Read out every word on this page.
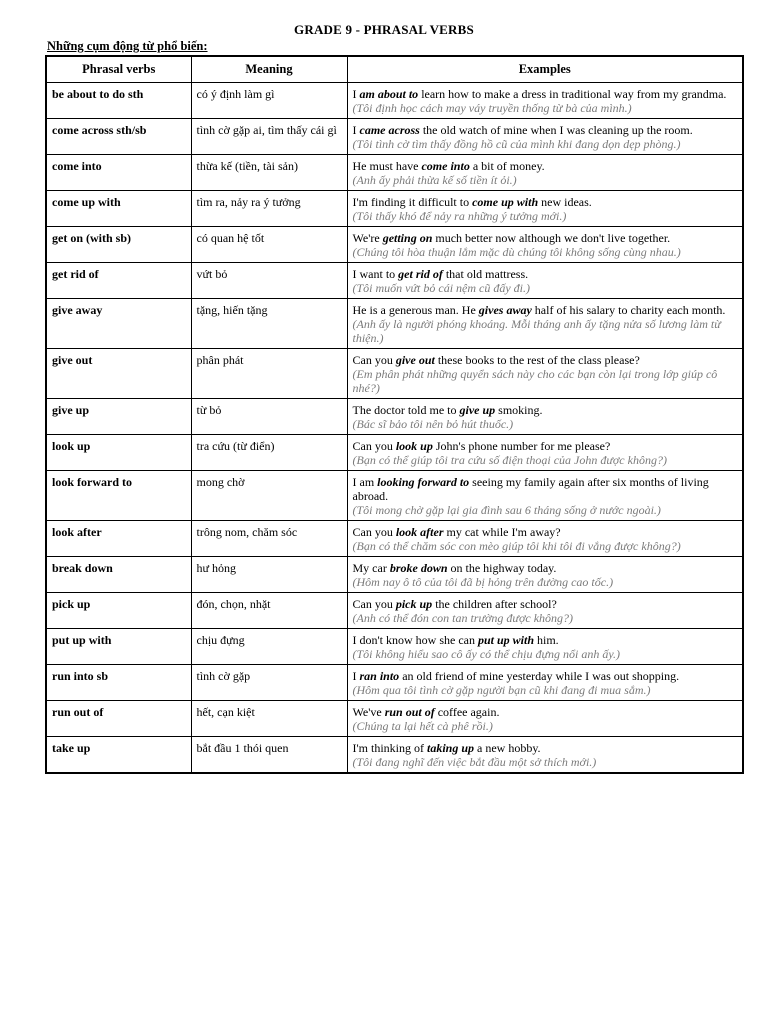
GRADE 9 - PHRASAL VERBS
Những cụm động từ phổ biến:
Phrasal verbs	Meaning	Examples
be about to do sth	có ý định làm gì	I am about to learn how to make a dress in traditional way from my grandma.
(Tôi định học cách may váy truyền thống từ bà của mình.)

come across sth/sb	tình cờ gặp ai, tìm thấy cái gì	I came across the old watch of mine when I was cleaning up the room.
(Tôi tình cờ tìm thấy đồng hồ cũ của mình khi đang dọn dẹp phòng.)

come into	thừa kế (tiền, tài sản)	He must have come into a bit of money.
(Anh ấy phải thừa kế số tiền ít ỏi.)

come up with	tìm ra, nảy ra ý tưởng	I'm finding it difficult to come up with new ideas.
(Tôi thấy khó để nảy ra những ý tưởng mới.)

get on (with sb)	có quan hệ tốt	We're getting on much better now although we don't live together.
(Chúng tôi hòa thuận lắm mặc dù chúng tôi không sống cùng nhau.)

get rid of	vứt bỏ	I want to get rid of that old mattress.
(Tôi muốn vứt bỏ cái nệm cũ đấy đi.)

give away	tặng, hiến tặng	He is a generous man. He gives away half of his salary to charity each month.
(Anh ấy là người phóng khoáng. Mỗi tháng anh ấy tặng nửa số lương làm từ thiện.)

give out	phân phát	Can you give out these books to the rest of the class please?
(Em phân phát những quyển sách này cho các bạn còn lại trong lớp giúp cô nhé?)

give up	từ bỏ	The doctor told me to give up smoking.
(Bác sĩ bảo tôi nên bỏ hút thuốc.)

look up	tra cứu (từ điển)	Can you look up John's phone number for me please?
(Bạn có thể giúp tôi tra cứu số điện thoại của John được không?)

look forward to	mong chờ	I am looking forward to seeing my family again after six months of living abroad.
(Tôi mong chờ gặp lại gia đình sau 6 tháng sống ở nước ngoài.)

look after	trông nom, chăm sóc	Can you look after my cat while I'm away?
(Bạn có thể chăm sóc con mèo giúp tôi khi tôi đi vắng được không?)

break down	hư hỏng	My car broke down on the highway today.
(Hôm nay ô tô của tôi đã bị hỏng trên đường cao tốc.)

pick up	đón, chọn, nhặt	Can you pick up the children after school?
(Anh có thể đón con tan trường được không?)

put up with	chịu đựng	I don't know how she can put up with him.
(Tôi không hiểu sao cô ấy có thể chịu đựng nổi anh ấy.)

run into sb	tình cờ gặp	I ran into an old friend of mine yesterday while I was out shopping.
(Hôm qua tôi tình cờ gặp người bạn cũ khi đang đi mua sắm.)

run out of	hết, cạn kiệt	We've run out of coffee again.
(Chúng ta lại hết cà phê rồi.)

take up	bắt đầu 1 thói quen	I'm thinking of taking up a new hobby.
(Tôi đang nghĩ đến việc bắt đầu một sở thích mới.)
